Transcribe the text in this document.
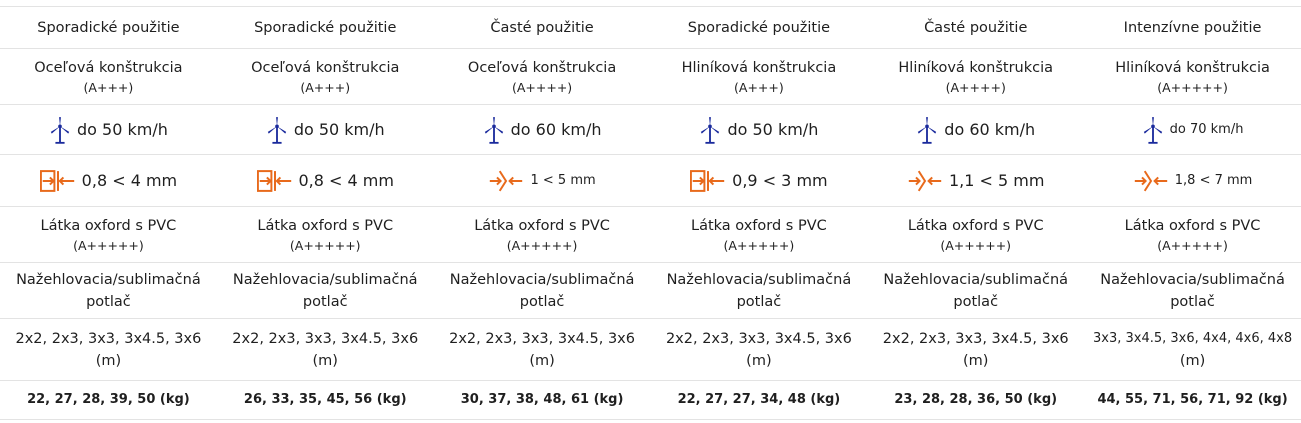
Sporadické použitie
Oceľová konštrukcia
(A+++)
do 50 km/h
0,8 < 4 mm
Látka oxford s PVC
(A+++++)
Nažehlovacia/sublimačná
potlač
2x2, 2x3, 3x3, 3x4.5, 3x6
(m)
22, 27, 28, 39, 50 (kg)
Sporadické použitie
Oceľová konštrukcia
(A+++)
do 50 km/h
0,8 < 4 mm
Látka oxford s PVC
(A+++++)
Nažehlovacia/sublimačná
potlač
2x2, 2x3, 3x3, 3x4.5, 3x6
(m)
26, 33, 35, 45, 56 (kg)
Časté použitie
Oceľová konštrukcia
(A++++)
do 60 km/h
1 < 5 mm
Látka oxford s PVC
(A+++++)
Nažehlovacia/sublimačná
potlač
2x2, 2x3, 3x3, 3x4.5, 3x6
(m)
30, 37, 38, 48, 61 (kg)
Sporadické použitie
Hliníková konštrukcia
(A+++)
do 50 km/h
0,9 < 3 mm
Látka oxford s PVC
(A+++++)
Nažehlovacia/sublimačná
potlač
2x2, 2x3, 3x3, 3x4.5, 3x6
(m)
22, 27, 27, 34, 48 (kg)
Časté použitie
Hliníková konštrukcia
(A++++)
do 60 km/h
1,1 < 5 mm
Látka oxford s PVC
(A+++++)
Nažehlovacia/sublimačná
potlač
2x2, 2x3, 3x3, 3x4.5, 3x6
(m)
23, 28, 28, 36, 50 (kg)
Intenzívne použitie
Hliníková konštrukcia
(A+++++)
do 70 km/h
1,8 < 7 mm
Látka oxford s PVC
(A+++++)
Nažehlovacia/sublimačná
potlač
3x3, 3x4.5, 3x6, 4x4, 4x6, 4x8
(m)
44, 55, 71, 56, 71, 92 (kg)
